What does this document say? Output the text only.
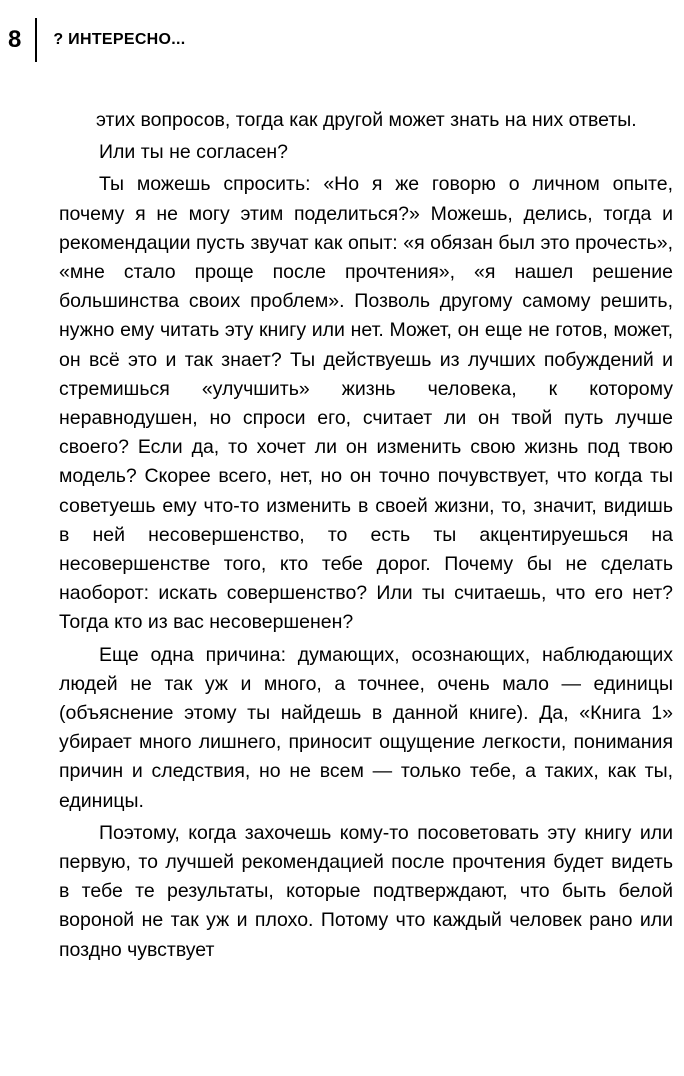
8 ? ИНТЕРЕСНО...

этих вопросов, тогда как другой может знать на них ответы.

Или ты не согласен?

Ты можешь спросить: «Но я же говорю о личном опыте, почему я не могу этим поделиться?» Можешь, делись, тогда и рекомендации пусть звучат как опыт: «я обязан был это прочесть», «мне стало проще после прочтения», «я нашел решение большинства своих проблем». Позволь другому самому решить, нужно ему читать эту книгу или нет. Может, он еще не готов, может, он всё это и так знает? Ты действуешь из лучших побуждений и стремишься «улучшить» жизнь человека, к которому неравнодушен, но спроси его, считает ли он твой путь лучше своего? Если да, то хочет ли он изменить свою жизнь под твою модель? Скорее всего, нет, но он точно почувствует, что когда ты советуешь ему что-то изменить в своей жизни, то, значит, видишь в ней несовершенство, то есть ты акцентируешься на несовершенстве того, кто тебе дорог. Почему бы не сделать наоборот: искать совершенство? Или ты считаешь, что его нет? Тогда кто из вас несовершенен?

Еще одна причина: думающих, осознающих, наблюдающих людей не так уж и много, а точнее, очень мало — единицы (объяснение этому ты найдешь в данной книге). Да, «Книга 1» убирает много лишнего, приносит ощущение легкости, понимания причин и следствия, но не всем — только тебе, а таких, как ты, единицы.

Поэтому, когда захочешь кому-то посоветовать эту книгу или первую, то лучшей рекомендацией после прочтения будет видеть в тебе те результаты, которые подтверждают, что быть белой вороной не так уж и плохо. Потому что каждый человек рано или поздно чувствует
